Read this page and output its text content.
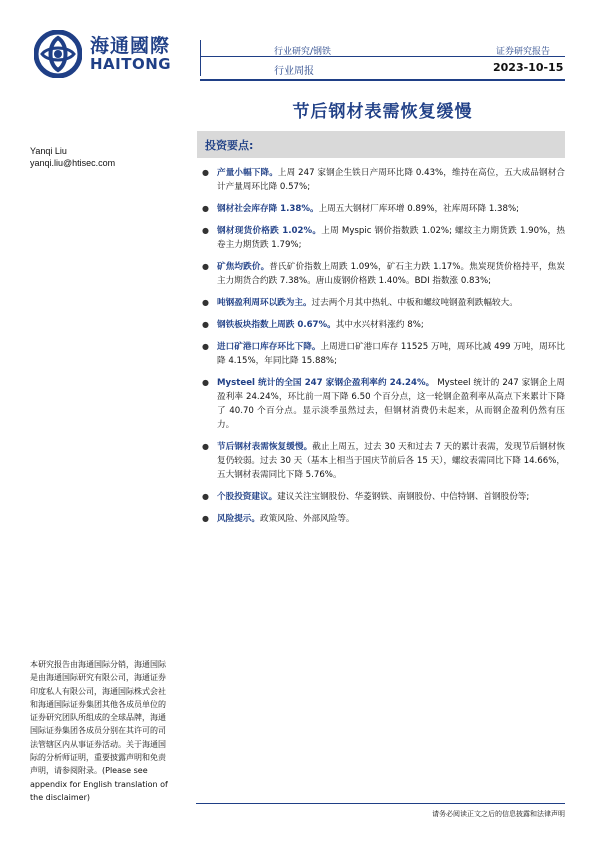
海通國際
HAITONG
行业研究/钢铁
行业周报
证券研究报告
2023-10-15
节后钢材表需恢复缓慢
Yanqi Liu
yanqi.liu@htisec.com
投资要点:
● 产量小幅下降。上周 247 家钢企生铁日产周环比降 0.43%，维持在高位，五大成品钢材合计产量周环比降 0.57%;
● 钢材社会库存降 1.38%。上周五大钢材厂库环增 0.89%，社库周环降 1.38%;
● 钢材现货价格跌 1.02%。上周 Myspic 钢价指数跌 1.02%; 螺纹主力期货跌 1.90%，热卷主力期货跌 1.79%;
● 矿焦均跌价。普氏矿价指数上周跌 1.09%，矿石主力跌 1.17%。焦炭现货价格持平，焦炭主力期货合约跌 7.38%。唐山废钢价格跌 1.40%。BDI 指数涨 0.83%;
● 吨钢盈利周环以跌为主。过去两个月其中热轧、中板和螺纹吨钢盈利跌幅较大。
● 钢铁板块指数上周跌 0.67%。其中水兴材料涨约 8%;
● 进口矿港口库存环比下降。上周进口矿港口库存 11525 万吨，周环比减 499 万吨，周环比降 4.15%，年同比降 15.88%;
● Mysteel 统计的全国 247 家钢企盈利率约 24.24%。 Mysteel 统计的 247 家钢企上周盈利率 24.24%，环比前一周下降 6.50 个百分点，这一轮钢企盈利率从高点下来累计下降了 40.70 个百分点。显示淡季虽然过去，但钢材消费仍未起来，从而钢企盈利仍然有压力。
● 节后钢材表需恢复缓慢。截止上周五，过去 30 天和过去 7 天的累计表需，发现节后钢材恢复仍较弱。过去 30 天（基本上相当于国庆节前后各 15 天），螺纹表需同比下降 14.66%，五大钢材表需同比下降 5.76%。
● 个股投资建议。建议关注宝钢股份、华菱钢铁、南钢股份、中信特钢、首钢股份等;
● 风险提示。政策风险、外部风险等。
本研究报告由海通国际分销，海通国际是由海通国际研究有限公司，海通证券印度私人有限公司，海通国际株式会社和海通国际证券集团其他各成员单位的证券研究团队所组成的全球品牌，海通国际证券集团各成员分别在其许可的司法管辖区内从事证券活动。关于海通国际的分析师证明，重要披露声明和免责声明，请参阅附录。(Please see appendix for English translation of the disclaimer)
请务必阅读正文之后的信息披露和法律声明
